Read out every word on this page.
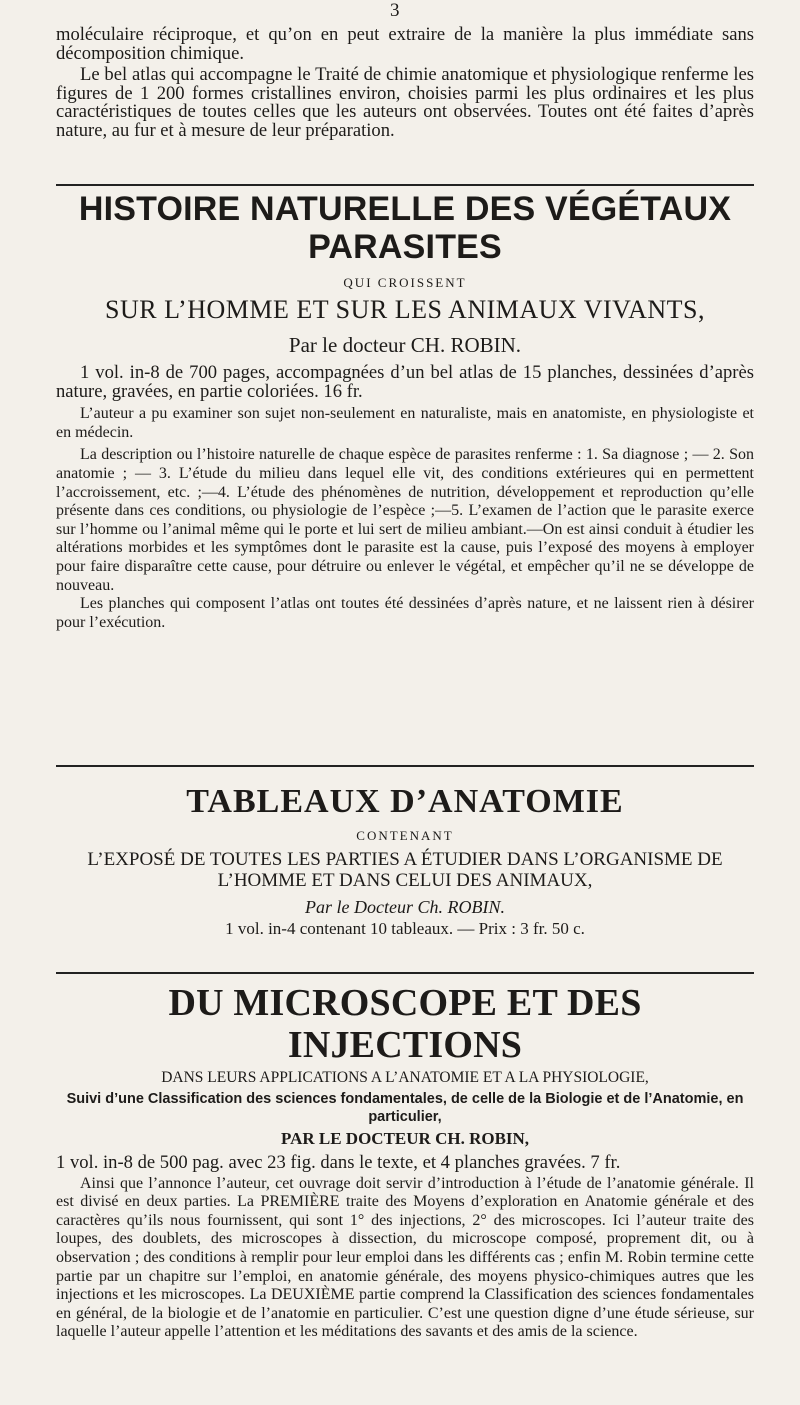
3

moléculaire réciproque, et qu’on en peut extraire de la manière la plus immédiate sans décomposition chimique.

Le bel atlas qui accompagne le Traité de chimie anatomique et physiologique renferme les figures de 1 200 formes cristallines environ, choisies parmi les plus ordinaires et les plus caractéristiques de toutes celles que les auteurs ont observées. Toutes ont été faites d’après nature, au fur et à mesure de leur préparation.

HISTOIRE NATURELLE DES VÉGÉTAUX PARASITES
QUI CROISSENT
SUR L’HOMME ET SUR LES ANIMAUX VIVANTS,
Par le docteur CH. ROBIN.

1 vol. in-8 de 700 pages, accompagnées d’un bel atlas de 15 planches, dessinées d’après nature, gravées, en partie coloriées. 16 fr.

L’auteur a pu examiner son sujet non-seulement en naturaliste, mais en anatomiste, en physiologiste et en médecin.

La description ou l’histoire naturelle de chaque espèce de parasites renferme : 1. Sa diagnose ; — 2. Son anatomie ; — 3. L’étude du milieu dans lequel elle vit, des conditions extérieures qui en permettent l’accroissement, etc. ;—4. L’étude des phénomènes de nutrition, développement et reproduction qu’elle présente dans ces conditions, ou physiologie de l’espèce ;—5. L’examen de l’action que le parasite exerce sur l’homme ou l’animal même qui le porte et lui sert de milieu ambiant.—On est ainsi conduit à étudier les altérations morbides et les symptômes dont le parasite est la cause, puis l’exposé des moyens à employer pour faire disparaître cette cause, pour détruire ou enlever le végétal, et empêcher qu’il ne se développe de nouveau.

Les planches qui composent l’atlas ont toutes été dessinées d’après nature, et ne laissent rien à désirer pour l’exécution.

TABLEAUX D’ANATOMIE
CONTENANT
L’EXPOSÉ DE TOUTES LES PARTIES A ÉTUDIER DANS L’ORGANISME DE L’HOMME ET DANS CELUI DES ANIMAUX,
Par le Docteur Ch. ROBIN.
1 vol. in-4 contenant 10 tableaux. — Prix : 3 fr. 50 c.
DU MICROSCOPE ET DES INJECTIONS
DANS LEURS APPLICATIONS A L’ANATOMIE ET A LA PHYSIOLOGIE,
Suivi d’une Classification des sciences fondamentales, de celle de la Biologie et de l’Anatomie, en particulier,
PAR LE DOCTEUR CH. ROBIN,

1 vol. in-8 de 500 pag. avec 23 fig. dans le texte, et 4 planches gravées. 7 fr.

Ainsi que l’annonce l’auteur, cet ouvrage doit servir d’introduction à l’étude de l’anatomie générale. Il est divisé en deux parties. La PREMIÈRE traite des Moyens d’exploration en Anatomie générale et des caractères qu’ils nous fournissent, qui sont 1° des injections, 2° des microscopes. Ici l’auteur traite des loupes, des doublets, des microscopes à dissection, du microscope composé, proprement dit, ou à observation ; des conditions à remplir pour leur emploi dans les différents cas ; enfin M. Robin termine cette partie par un chapitre sur l’emploi, en anatomie générale, des moyens physico-chimiques autres que les injections et les microscopes. La DEUXIÈME partie comprend la Classification des sciences fondamentales en général, de la biologie et de l’anatomie en particulier. C’est une question digne d’une étude sérieuse, sur laquelle l’auteur appelle l’attention et les méditations des savants et des amis de la science.
